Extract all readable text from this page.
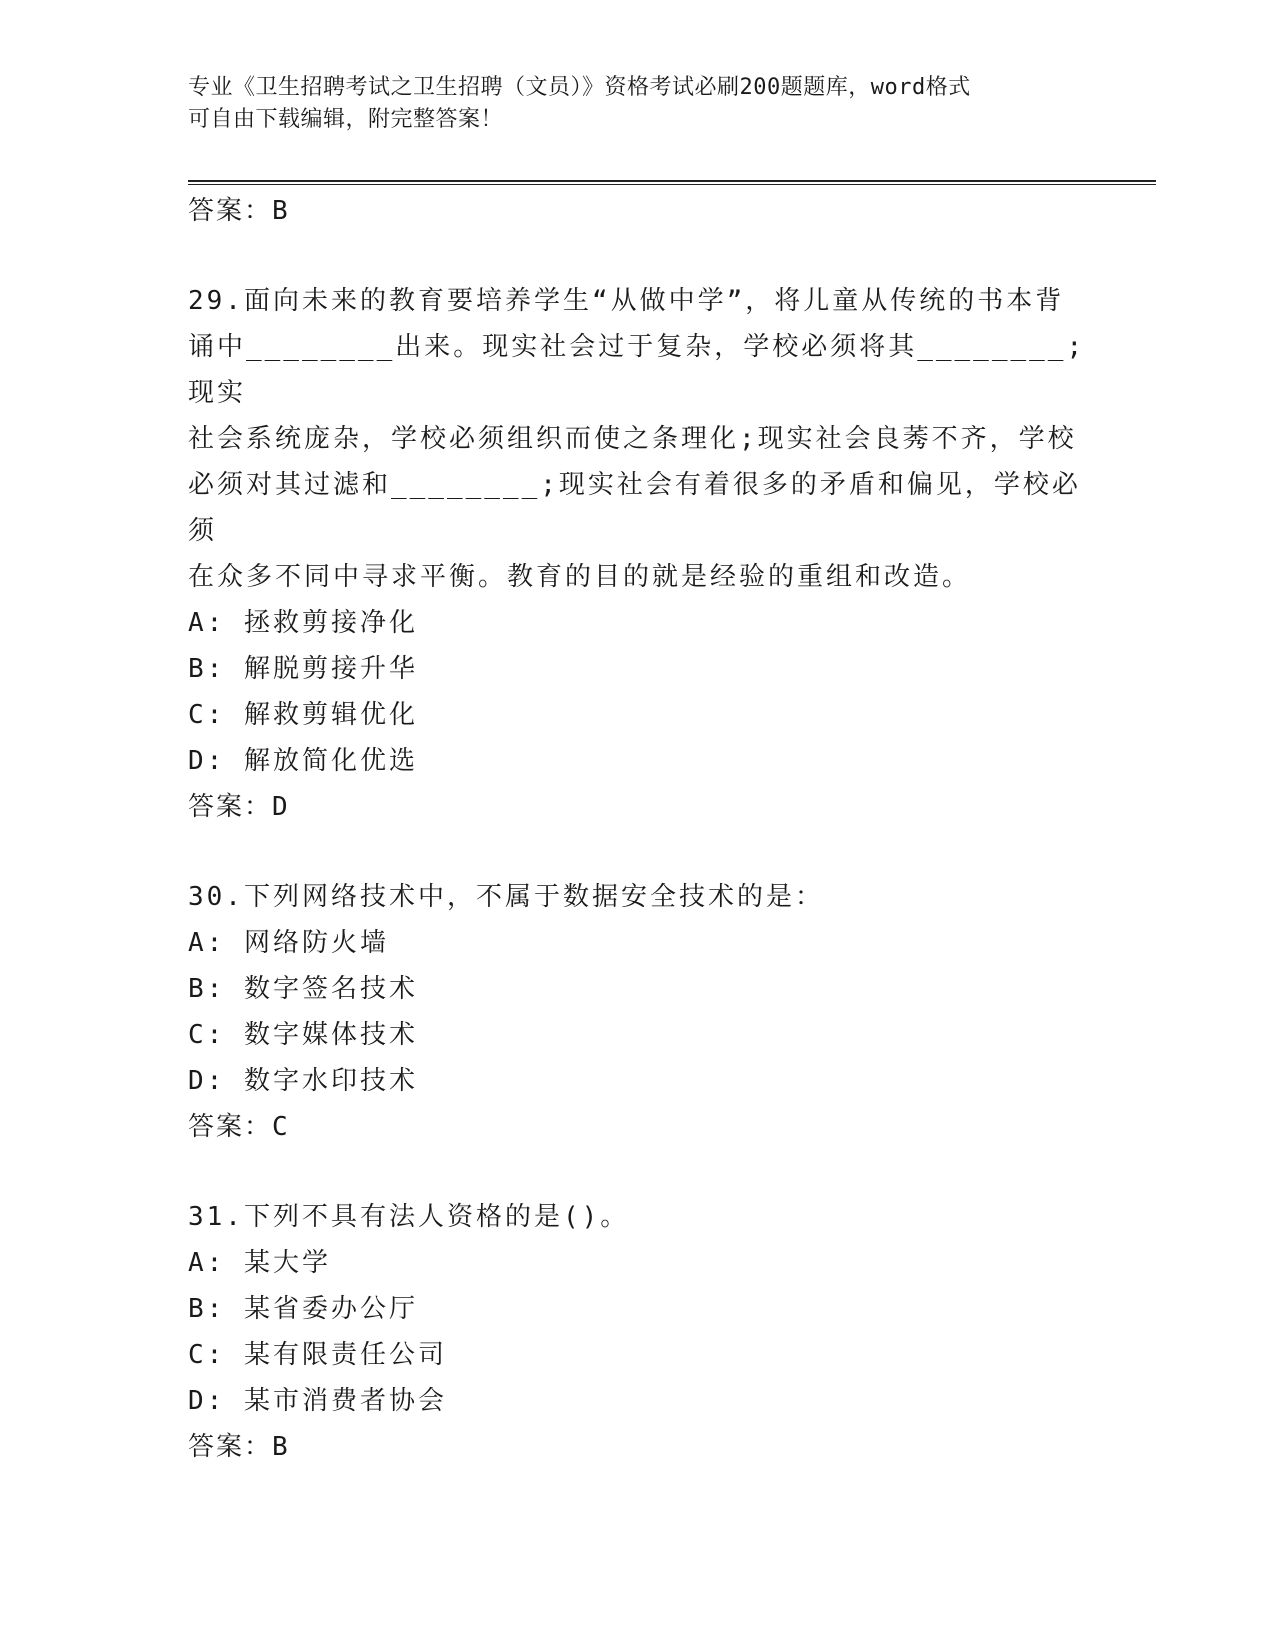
专业《卫生招聘考试之卫生招聘（文员）》资格考试必刷200题题库，word格式
可自由下载编辑，附完整答案！
答案：B
29.面向未来的教育要培养学生“从做中学”，将儿童从传统的书本背
诵中________出来。现实社会过于复杂，学校必须将其________;现实
社会系统庞杂，学校必须组织而使之条理化;现实社会良莠不齐，学校
必须对其过滤和________;现实社会有着很多的矛盾和偏见，学校必须
在众多不同中寻求平衡。教育的目的就是经验的重组和改造。
A: 拯救剪接净化
B: 解脱剪接升华
C: 解救剪辑优化
D: 解放简化优选
答案：D
30.下列网络技术中，不属于数据安全技术的是：
A: 网络防火墙
B: 数字签名技术
C: 数字媒体技术
D: 数字水印技术
答案：C
31.下列不具有法人资格的是()。
A: 某大学
B: 某省委办公厅
C: 某有限责任公司
D: 某市消费者协会
答案：B
